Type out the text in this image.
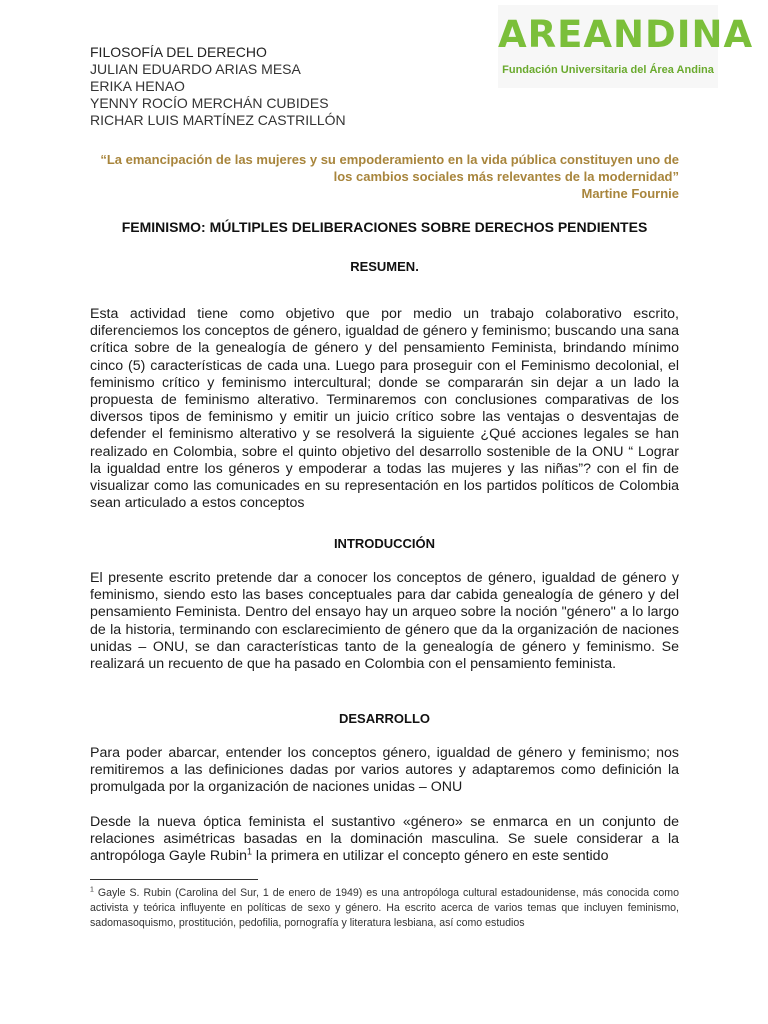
AREANDINA
Fundación Universitaria del Área Andina
FILOSOFÍA DEL DERECHO
JULIAN EDUARDO ARIAS MESA
ERIKA HENAO
YENNY ROCÍO MERCHÁN CUBIDES
RICHAR LUIS MARTÍNEZ CASTRILLÓN
“La emancipación de las mujeres y su empoderamiento en la vida pública constituyen uno de los cambios sociales más relevantes de la modernidad”
Martine Fournie
FEMINISMO: MÚLTIPLES DELIBERACIONES SOBRE DERECHOS PENDIENTES
RESUMEN.
Esta actividad tiene como objetivo que por medio un trabajo colaborativo escrito, diferenciemos los conceptos de género, igualdad de género y feminismo; buscando una sana crítica sobre de la genealogía de género y del pensamiento Feminista, brindando mínimo cinco (5) características de cada una. Luego para proseguir con el Feminismo decolonial, el feminismo crítico y feminismo intercultural; donde se compararán sin dejar a un lado la propuesta de feminismo alterativo. Terminaremos con conclusiones comparativas de los diversos tipos de feminismo y emitir un juicio crítico sobre las ventajas o desventajas de defender el feminismo alterativo y se resolverá la siguiente ¿Qué acciones legales se han realizado en Colombia, sobre el quinto objetivo del desarrollo sostenible de la ONU “ Lograr la igualdad entre los géneros y empoderar a todas las mujeres y las niñas”? con el fin de visualizar como las comunicades en su representación en los partidos políticos de Colombia sean articulado a estos conceptos
INTRODUCCIÓN
El presente escrito pretende dar a conocer los conceptos de género, igualdad de género y feminismo, siendo esto las bases conceptuales para dar cabida genealogía de género y del pensamiento Feminista. Dentro del ensayo hay un arqueo sobre la noción "género" a lo largo de la historia, terminando con esclarecimiento de género que da la organización de naciones unidas – ONU, se dan características tanto de la genealogía de género y feminismo. Se realizará un recuento de que ha pasado en Colombia con el pensamiento feminista.
DESARROLLO
Para poder abarcar, entender los conceptos género, igualdad de género y feminismo; nos remitiremos a las definiciones dadas por varios autores y adaptaremos como definición la promulgada por la organización de naciones unidas – ONU
Desde la nueva óptica feminista el sustantivo «género» se enmarca en un conjunto de relaciones asimétricas basadas en la dominación masculina. Se suele considerar a la antropóloga Gayle Rubin$^1$ la primera en utilizar el concepto género en este sentido
$^1$ Gayle S. Rubin (Carolina del Sur, 1 de enero de 1949) es una antropóloga cultural estadounidense, más conocida como activista y teórica influyente en políticas de sexo y género. Ha escrito acerca de varios temas que incluyen feminismo, sadomasoquismo, prostitución, pedofilia, pornografía y literatura lesbiana, así como estudios
